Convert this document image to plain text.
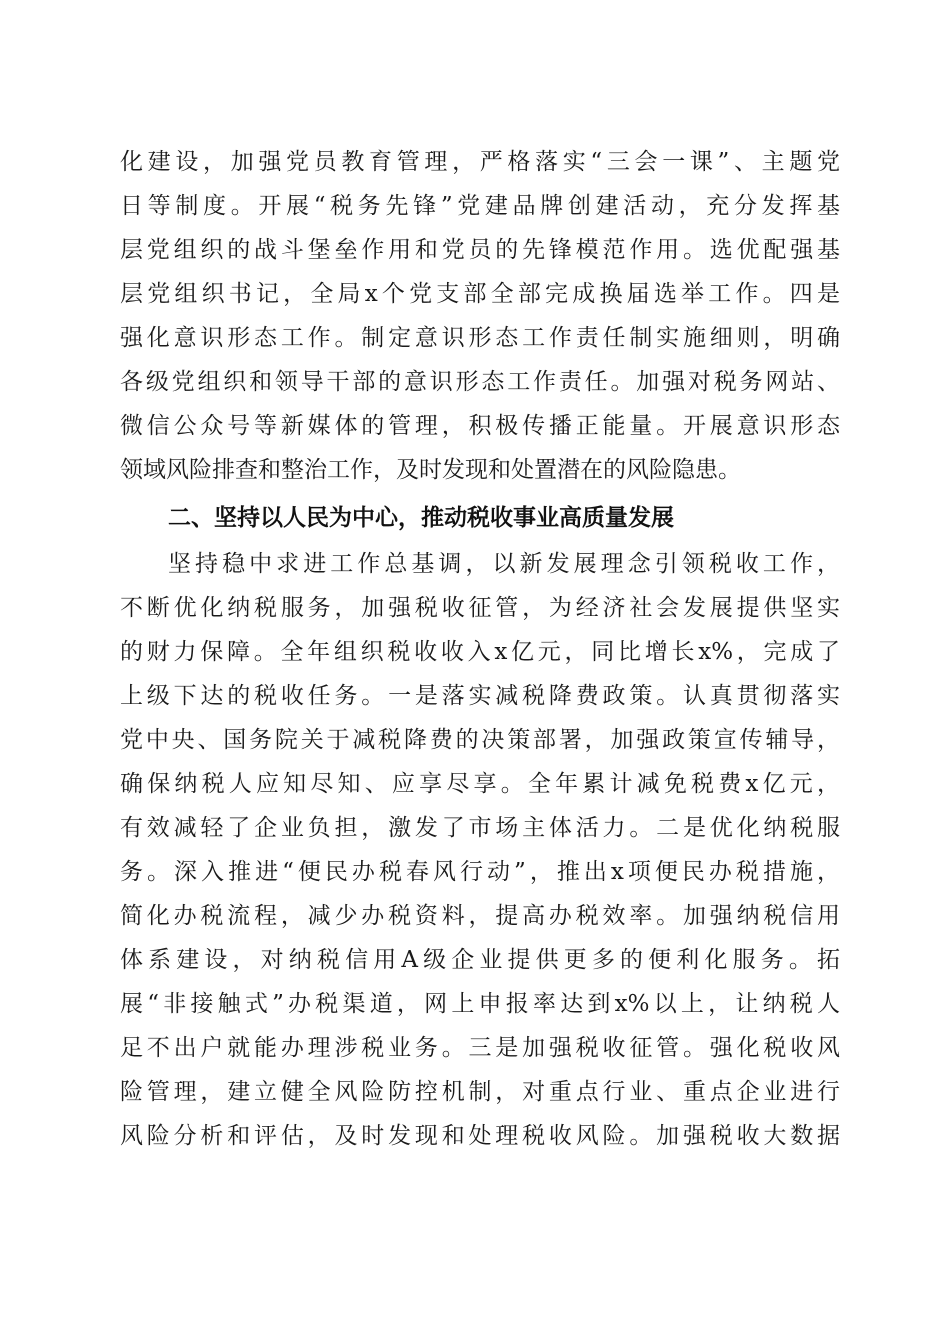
化建设，加强党员教育管理，严格落实“三会一课”、主题党
日等制度。开展“税务先锋”党建品牌创建活动，充分发挥基
层党组织的战斗堡垒作用和党员的先锋模范作用。选优配强基
层党组织书记，全局x个党支部全部完成换届选举工作。四是
强化意识形态工作。制定意识形态工作责任制实施细则，明确
各级党组织和领导干部的意识形态工作责任。加强对税务网站、
微信公众号等新媒体的管理，积极传播正能量。开展意识形态
领域风险排查和整治工作，及时发现和处置潜在的风险隐患。
二、坚持以人民为中心，推动税收事业高质量发展
坚持稳中求进工作总基调，以新发展理念引领税收工作，
不断优化纳税服务，加强税收征管，为经济社会发展提供坚实
的财力保障。全年组织税收收入x亿元，同比增长x%，完成了
上级下达的税收任务。一是落实减税降费政策。认真贯彻落实
党中央、国务院关于减税降费的决策部署，加强政策宣传辅导，
确保纳税人应知尽知、应享尽享。全年累计减免税费x亿元，
有效减轻了企业负担，激发了市场主体活力。二是优化纳税服
务。深入推进“便民办税春风行动”，推出x项便民办税措施，
简化办税流程，减少办税资料，提高办税效率。加强纳税信用
体系建设，对纳税信用A级企业提供更多的便利化服务。拓
展“非接触式”办税渠道，网上申报率达到x%以上，让纳税人
足不出户就能办理涉税业务。三是加强税收征管。强化税收风
险管理，建立健全风险防控机制，对重点行业、重点企业进行
风险分析和评估，及时发现和处理税收风险。加强税收大数据
